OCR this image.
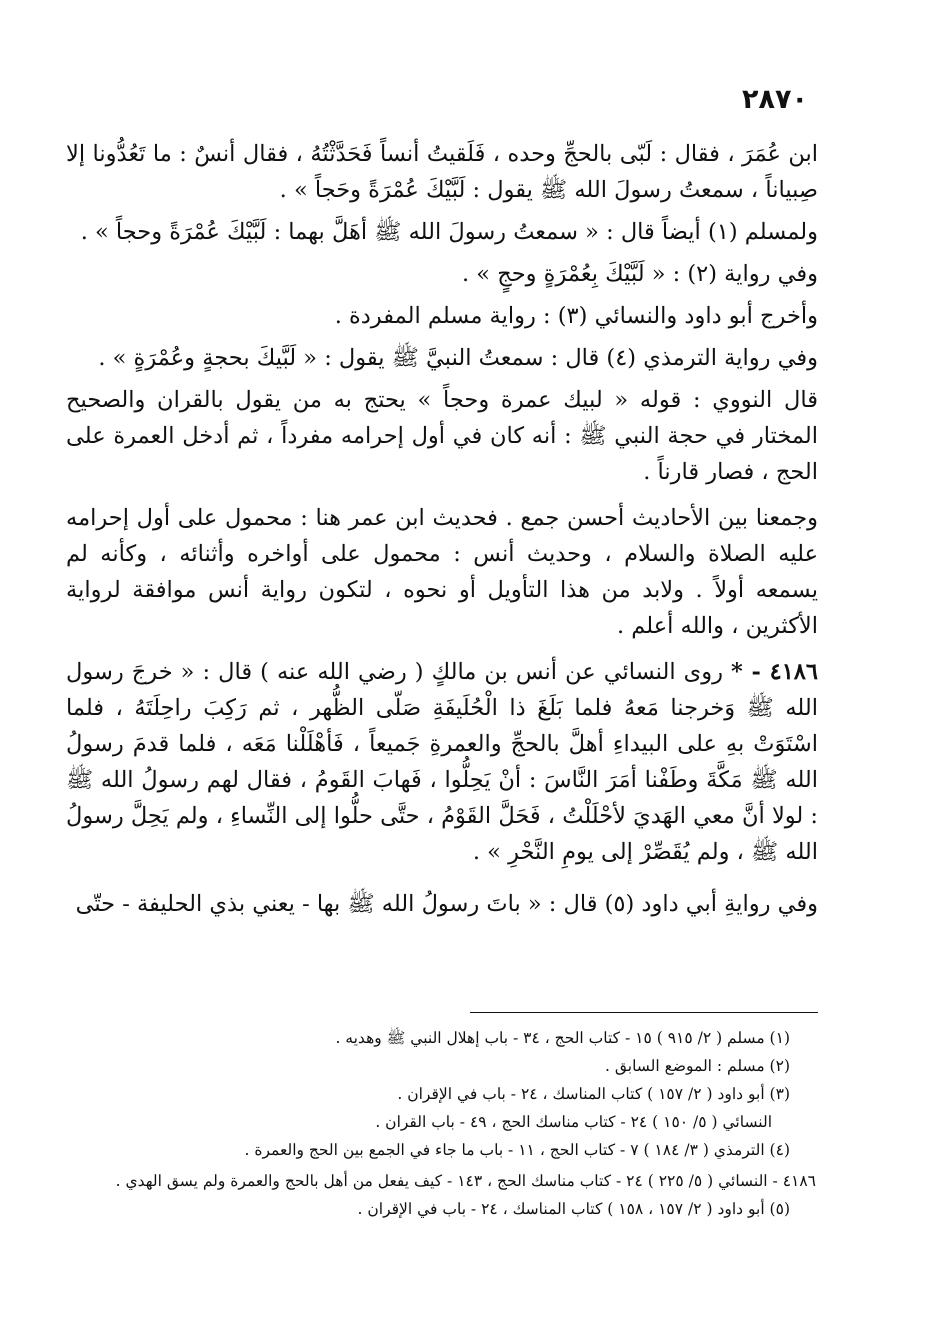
٢٨٧٠

ابن عُمَرَ ، فقال : لَبّى بالحجِّ وحده ، فَلَقيتُ أنساً فَحَدَّثْتُهُ ، فقال أنسٌ : ما تَعُدُّونا إلا صِبياناً ، سمعتُ رسولَ الله ﷺ يقول : لَبَّيْكَ عُمْرَةً وحَجاً » .

ولمسلم (١) أيضاً قال : « سمعتُ رسولَ الله ﷺ أهَلَّ بهما : لَبَّيْكَ عُمْرَةً وحجاً » .

وفي رواية (٢) : « لَبَّيْكَ بِعُمْرَةٍ وحجٍ » .

وأخرج أبو داود والنسائي (٣) : رواية مسلم المفردة .

وفي رواية الترمذي (٤) قال : سمعتُ النبيَّ ﷺ يقول : « لَبَّيكَ بحجةٍ وعُمْرَةٍ » .

قال النووي : قوله « لبيك عمرة وحجاً » يحتج به من يقول بالقران والصحيح المختار في حجة النبي ﷺ : أنه كان في أول إحرامه مفرداً ، ثم أدخل العمرة على الحج ، فصار قارناً .

وجمعنا بين الأحاديث أحسن جمع . فحديث ابن عمر هنا : محمول على أول إحرامه عليه الصلاة والسلام ، وحديث أنس : محمول على أواخره وأثنائه ، وكأنه لم يسمعه أولاً . ولابد من هذا التأويل أو نحوه ، لتكون رواية أنس موافقة لرواية الأكثرين ، والله أعلم .

٤١٨٦ - * روى النسائي عن أنس بن مالكٍ ( رضي الله عنه ) قال : « خرجَ رسول الله ﷺ وَخرجنا مَعهُ فلما بَلَغَ ذا الْحُلَيفَةِ صَلّى الظُّهر ، ثم رَكِبَ راحِلَتَهُ ، فلما اسْتَوَتْ بهِ على البيداءِ أهلَّ بالحجِّ والعمرةِ جَميعاً ، فَأهْلَلْنا مَعَه ، فلما قدمَ رسولُ الله ﷺ مَكَّةَ وطَفْنا أمَرَ النَّاسَ : أنْ يَحِلُّوا ، فَهابَ القَومُ ، فقال لهم رسولُ الله ﷺ : لولا أنَّ معي الهَديَ لأحْلَلْتُ ، فَحَلَّ القَوْمُ ، حتَّى حلُّوا إلى النِّساءِ ، ولم يَحِلَّ رسولُ الله ﷺ ، ولم يُقَصِّرْ إلى يومِ النَّحْرِ » .

وفي روايةِ أبي داود (٥) قال : « باتَ رسولُ الله ﷺ بها - يعني بذي الحليفة - حتّى

(١) مسلم ( ٢/ ٩١٥ ) ١٥ - كتاب الحج ، ٣٤ - باب إهلال النبي ﷺ وهديه .

(٢) مسلم : الموضع السابق .

(٣) أبو داود ( ٢/ ١٥٧ ) كتاب المناسك ، ٢٤ - باب في الإقران .

النسائي ( ٥/ ١٥٠ ) ٢٤ - كتاب مناسك الحج ، ٤٩ - باب القران .

(٤) الترمذي ( ٣/ ١٨٤ ) ٧ - كتاب الحج ، ١١ - باب ما جاء في الجمع بين الحج والعمرة .

٤١٨٦ - النسائي ( ٥/ ٢٢٥ ) ٢٤ - كتاب مناسك الحج ، ١٤٣ - كيف يفعل من أهل بالحج والعمرة ولم يسق الهدي .

(٥) أبو داود ( ٢/ ١٥٧ ، ١٥٨ ) كتاب المناسك ، ٢٤ - باب في الإقران .
